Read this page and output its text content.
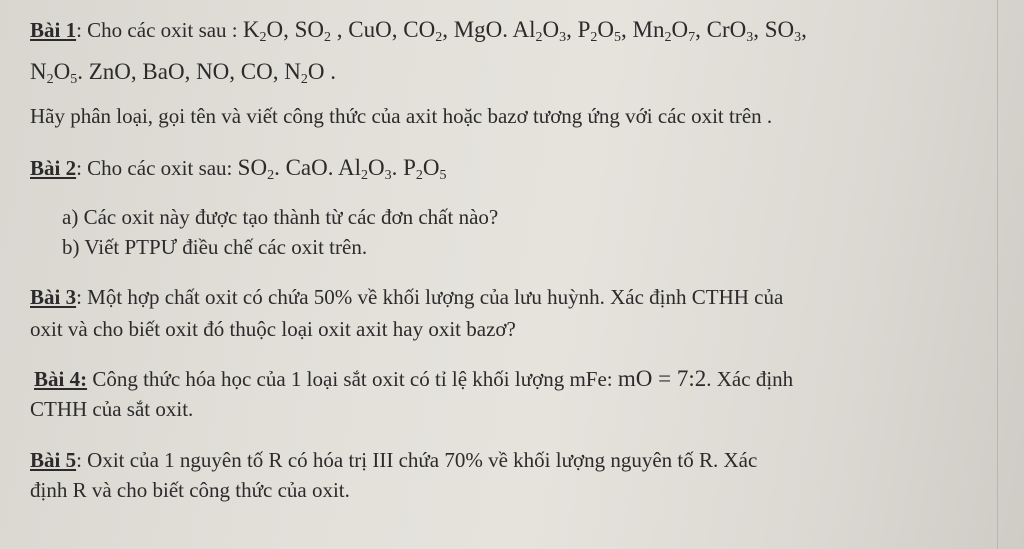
Bài 1: Cho các oxit sau : $K_2O$, $SO_2$ , CuO, $CO_2$, MgO. $Al_2O_3$, $P_2O_5$, $Mn_2O_7$, CrO$_3$, $SO_3$,
$N_2O_5$. ZnO, BaO, NO, CO, $N_2O$ .
Hãy phân loại, gọi tên và viết công thức của axit hoặc bazơ tương ứng với các oxit trên .
Bài 2: Cho các oxit sau: $SO_2$. CaO. $Al_2O_3$. $P_2O_5$
a) Các oxit này được tạo thành từ các đơn chất nào?
b) Viết PTPƯ điều chế các oxit trên.
Bài 3: Một hợp chất oxit có chứa 50% về khối lượng của lưu huỳnh. Xác định CTHH của
oxit và cho biết oxit đó thuộc loại oxit axit hay oxit bazơ?
Bài 4: Công thức hóa học của 1 loại sắt oxit có tỉ lệ khối lượng mFe: mO = 7:2. Xác định
CTHH của sắt oxit.
Bài 5: Oxit của 1 nguyên tố R có hóa trị III chứa 70% về khối lượng nguyên tố R. Xác
định R và cho biết công thức của oxit.
